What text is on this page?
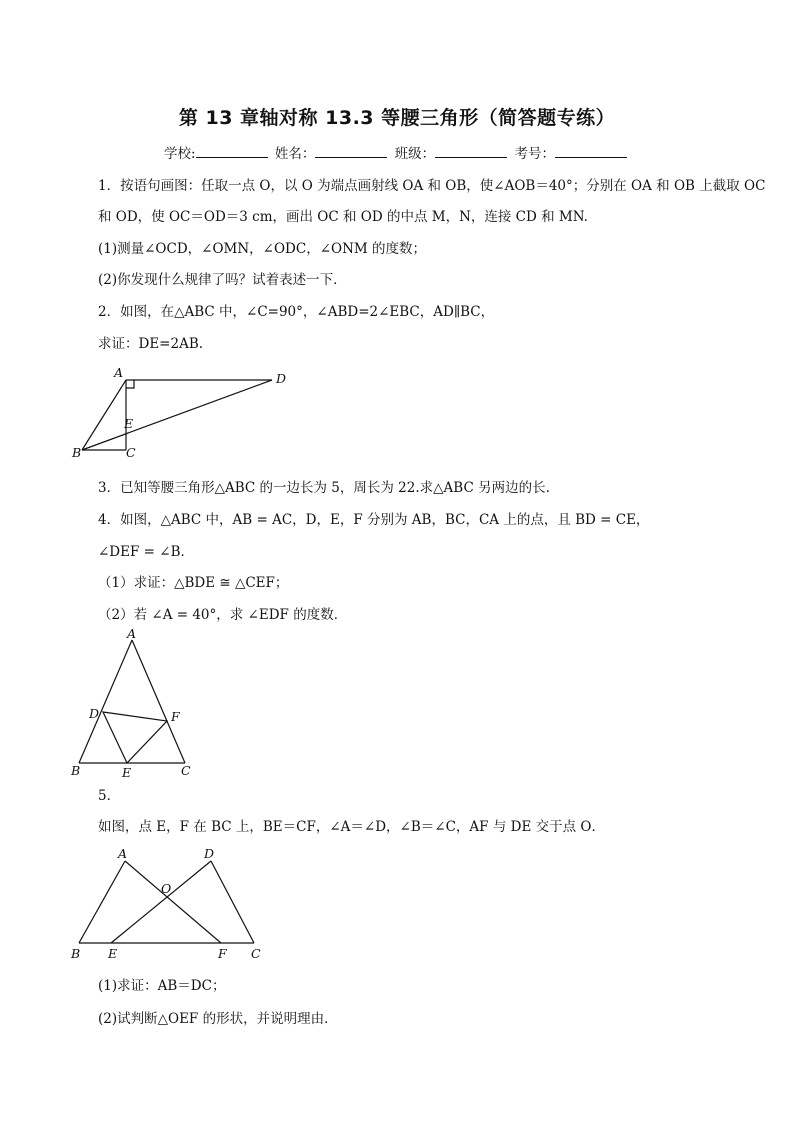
第 13 章轴对称 13.3 等腰三角形（简答题专练）
学校:	姓名：	班级：	考号：
1．按语句画图：任取一点 O，以 O 为端点画射线 OA 和 OB，使∠AOB＝40°；分别在 OA 和 OB 上截取 OC
和 OD，使 OC＝OD＝3 cm，画出 OC 和 OD 的中点 M，N，连接 CD 和 MN.
(1)测量∠OCD，∠OMN，∠ODC，∠ONM 的度数；
(2)你发现什么规律了吗？试着表述一下．
2．如图，在△ABC 中，∠C=90°，∠ABD=2∠EBC，AD∥BC，
求证：DE=2AB.
A	D
E
B	C
3．已知等腰三角形△ABC 的一边长为 5，周长为 22.求△ABC 另两边的长.
4．如图，△ABC 中，AB = AC，D，E，F 分别为 AB，BC，CA 上的点，且 BD = CE，
∠DEF = ∠B．
（1）求证：△BDE ≅ △CEF；
（2）若 ∠A = 40°，求 ∠EDF 的度数．
A
D	F
B	E	C
5．
如图，点 E，F 在 BC 上，BE＝CF，∠A＝∠D，∠B＝∠C，AF 与 DE 交于点 O．
A	D
O
B E	F C
(1)求证：AB＝DC；
(2)试判断△OEF 的形状，并说明理由．
